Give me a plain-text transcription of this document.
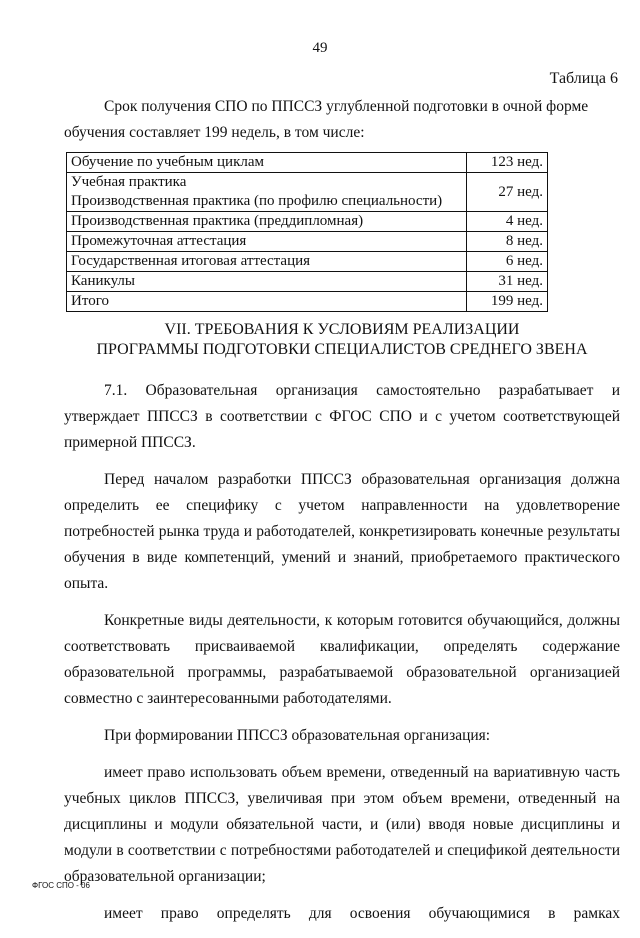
49
Таблица 6
Срок получения СПО по ППССЗ углубленной подготовки в очной форме
обучения составляет 199 недель, в том числе:
Обучение по учебным циклам	123 нед.

Учебная практика
Производственная практика (по профилю специальности)	27 нед.
Производственная практика (преддипломная)	4 нед.
Промежуточная аттестация	8 нед.
Государственная итоговая аттестация	6 нед.
Каникулы	31 нед.
Итого	199 нед.
VII. ТРЕБОВАНИЯ К УСЛОВИЯМ РЕАЛИЗАЦИИ
ПРОГРАММЫ ПОДГОТОВКИ СПЕЦИАЛИСТОВ СРЕДНЕГО ЗВЕНА

7.1. Образовательная организация самостоятельно разрабатывает и утверждает ППССЗ в соответствии с ФГОС СПО и с учетом соответствующей примерной ППССЗ.

Перед началом разработки ППССЗ образовательная организация должна определить ее специфику с учетом направленности на удовлетворение потребностей рынка труда и работодателей, конкретизировать конечные результаты обучения в виде компетенций, умений и знаний, приобретаемого практического опыта.

Конкретные виды деятельности, к которым готовится обучающийся, должны соответствовать присваиваемой квалификации, определять содержание образовательной программы, разрабатываемой образовательной организацией совместно с заинтересованными работодателями.

При формировании ППССЗ образовательная организация:

имеет право использовать объем времени, отведенный на вариативную часть учебных циклов ППССЗ, увеличивая при этом объем времени, отведенный на дисциплины и модули обязательной части, и (или) вводя новые дисциплины и модули в соответствии с потребностями работодателей и спецификой деятельности образовательной организации;

имеет право определять для освоения обучающимися в рамках

ФГОС СПО - 06
